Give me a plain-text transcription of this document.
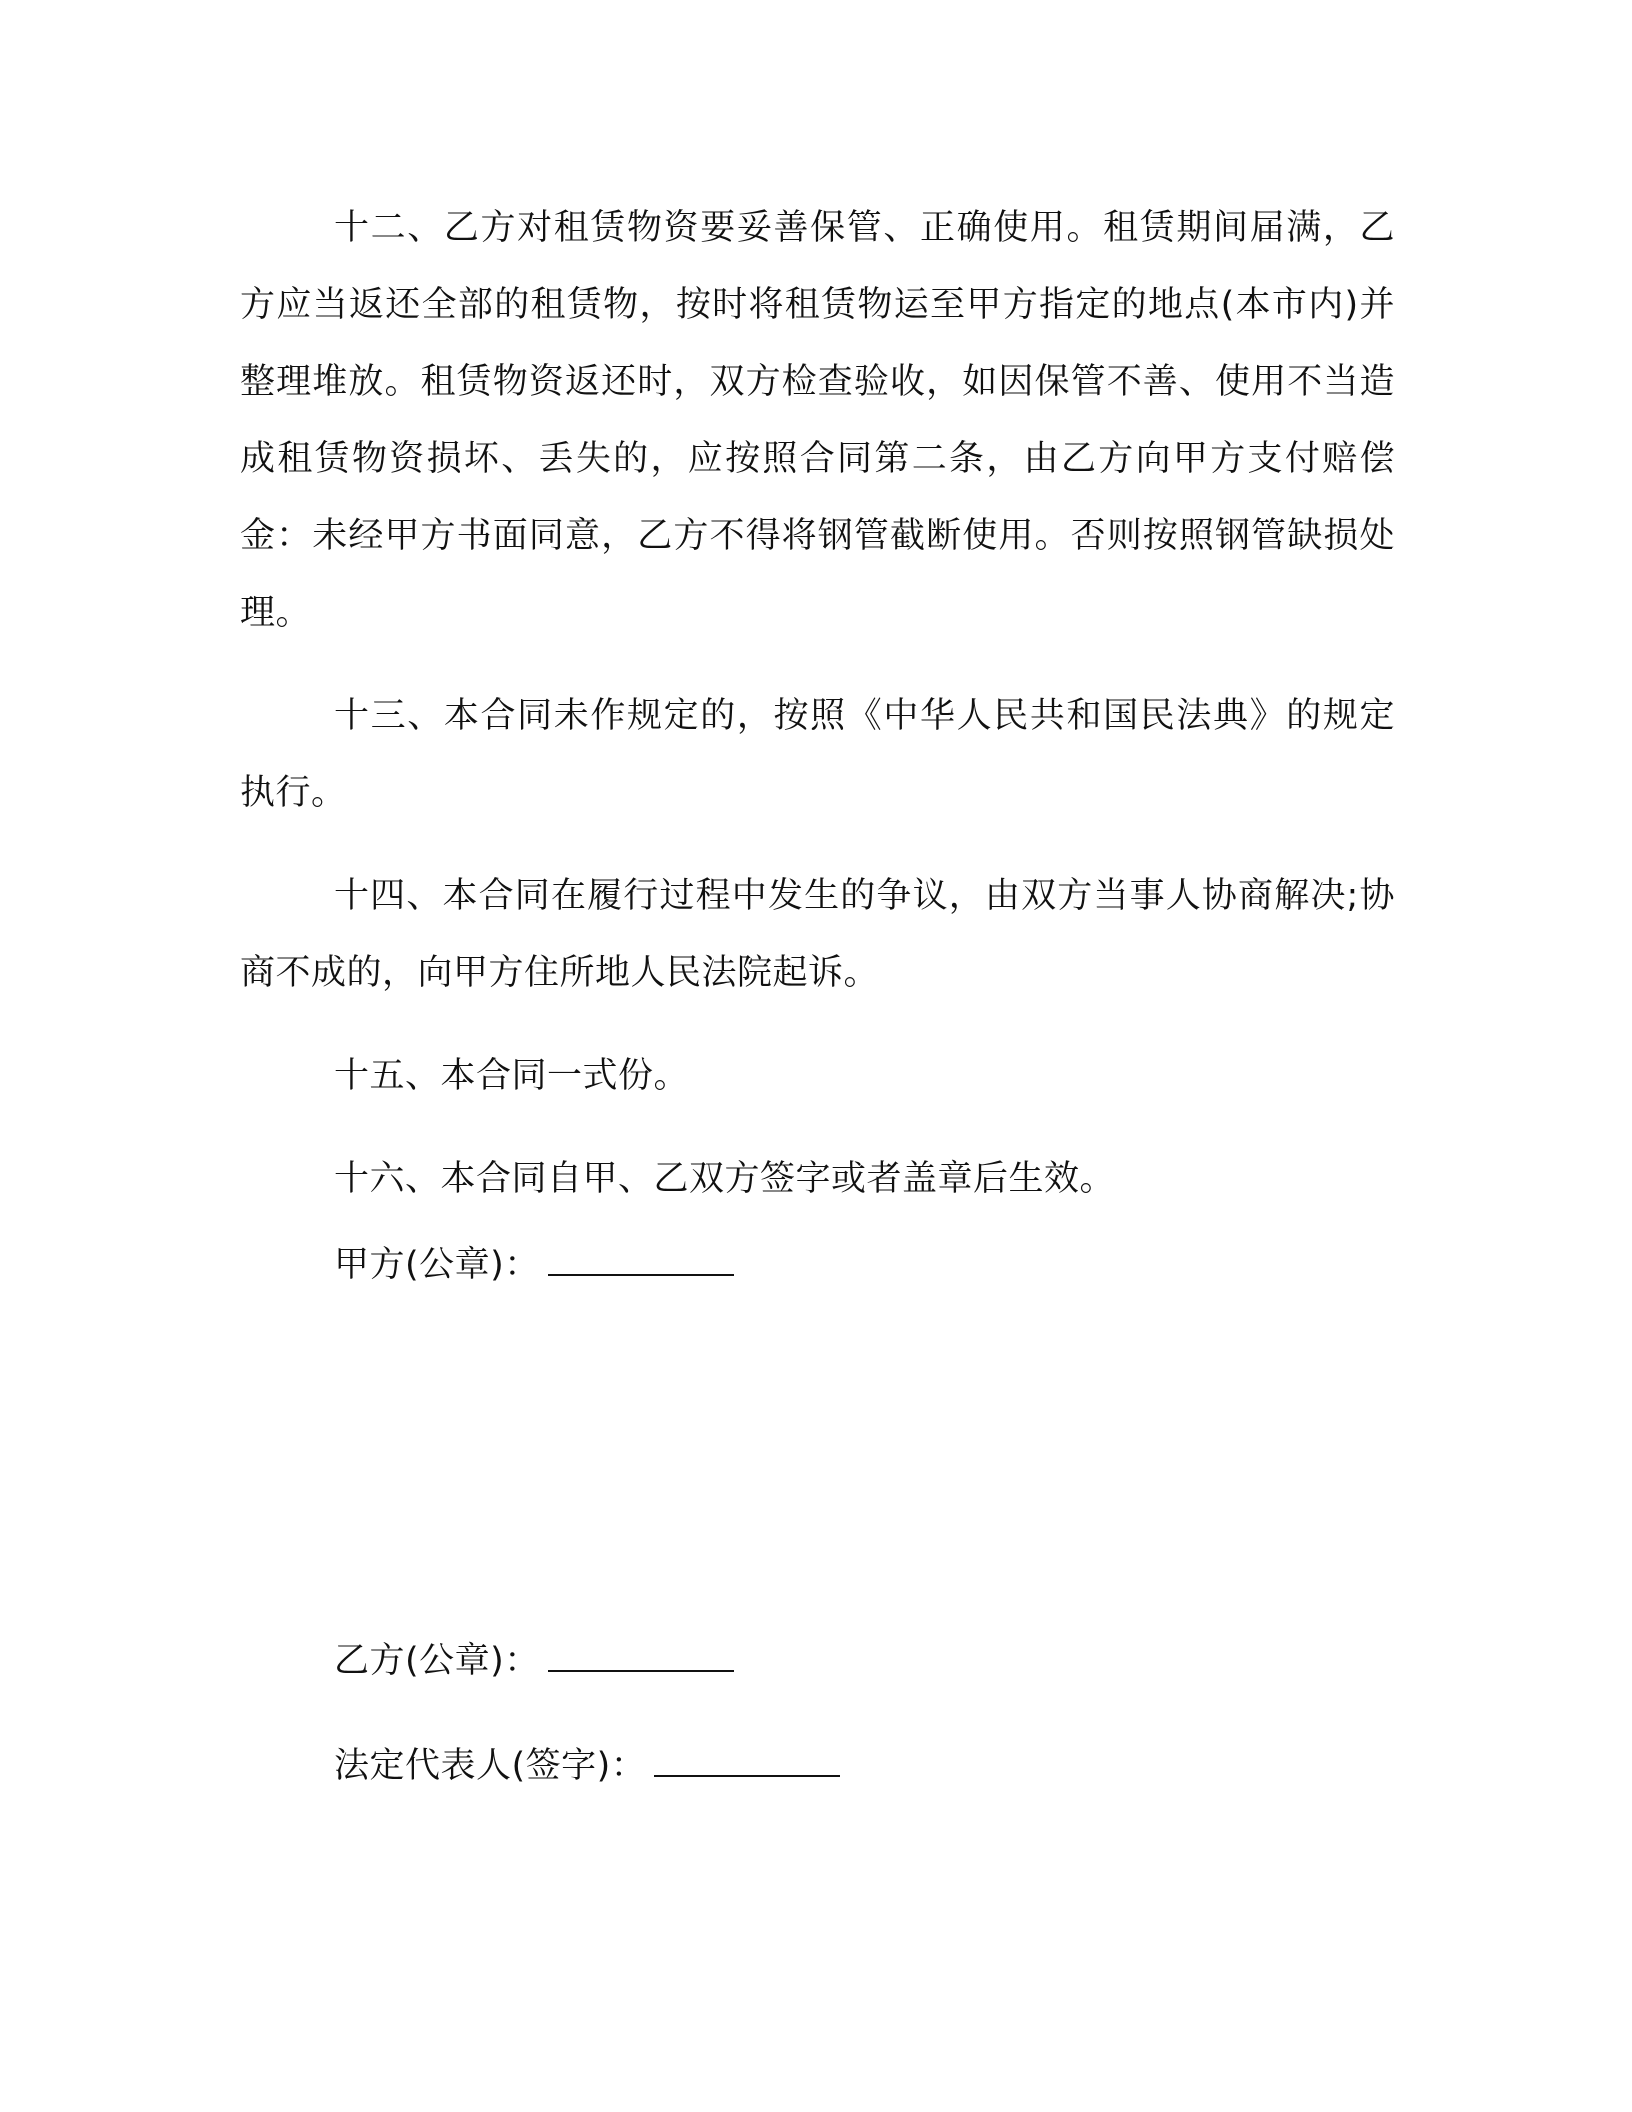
十二、乙方对租赁物资要妥善保管、正确使用。租赁期间届满，乙方应当返还全部的租赁物，按时将租赁物运至甲方指定的地点(本市内)并整理堆放。租赁物资返还时，双方检查验收，如因保管不善、使用不当造成租赁物资损坏、丢失的，应按照合同第二条，由乙方向甲方支付赔偿金：未经甲方书面同意，乙方不得将钢管截断使用。否则按照钢管缺损处理。

十三、本合同未作规定的，按照《中华人民共和国民法典》的规定执行。

十四、本合同在履行过程中发生的争议，由双方当事人协商解决;协商不成的，向甲方住所地人民法院起诉。

十五、本合同一式份。

十六、本合同自甲、乙双方签字或者盖章后生效。

甲方(公章)：

乙方(公章)：

法定代表人(签字)：
